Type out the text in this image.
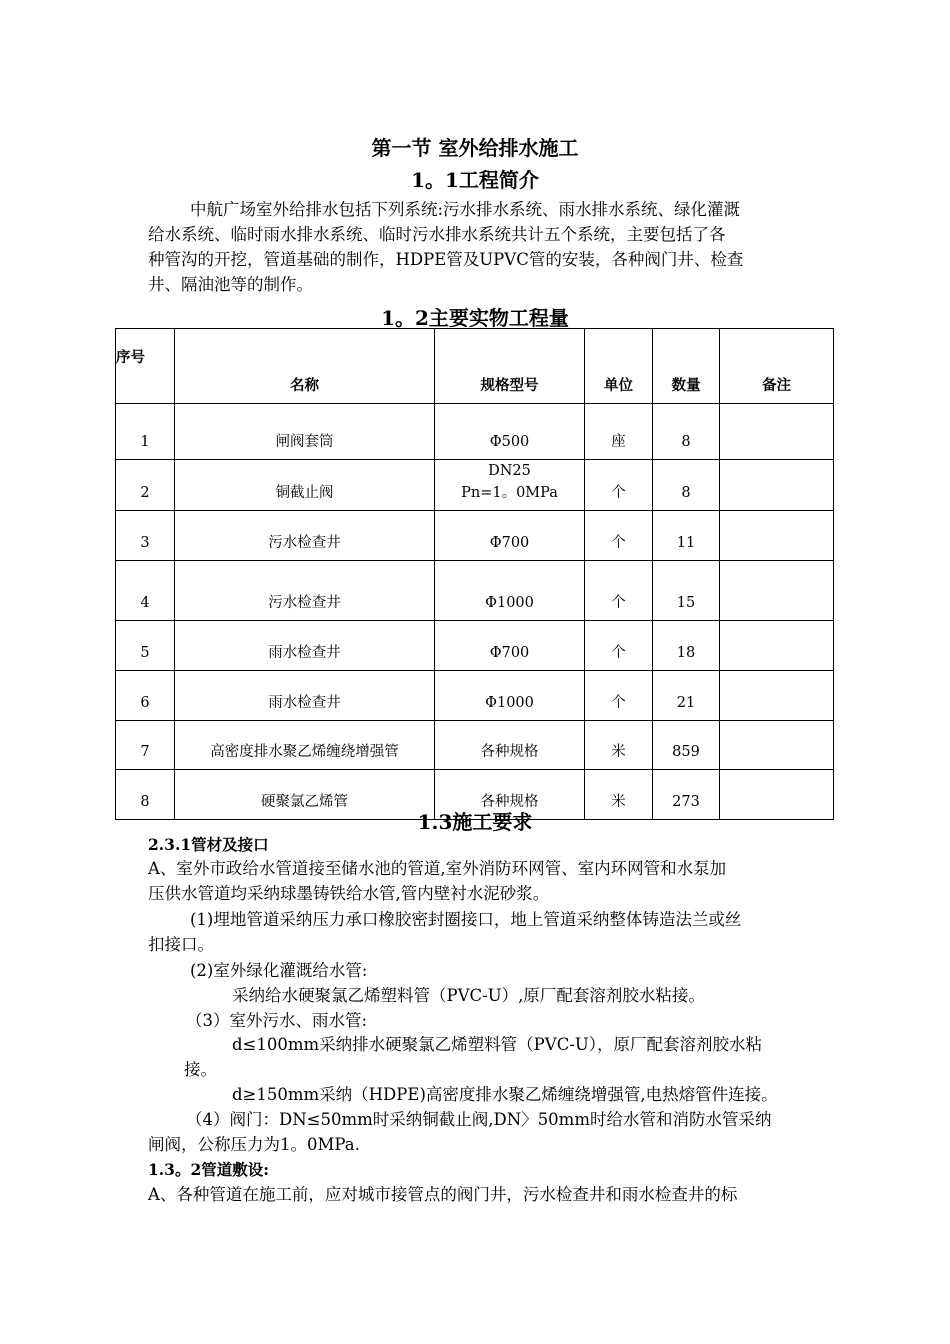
第一节 室外给排水施工
1。1工程简介
中航广场室外给排水包括下列系统:污水排水系统、雨水排水系统、绿化灌溉
给水系统、临时雨水排水系统、临时污水排水系统共计五个系统，主要包括了各
种管沟的开挖，管道基础的制作，HDPE管及UPVC管的安装，各种阀门井、检查
井、隔油池等的制作。
1。2主要实物工程量
序号	名称	规格型号	单位	数量	备注
1	闸阀套筒	Φ500	座	8	
2	铜截止阀	DN25
Pn=1。0MPa	个	8	
3	污水检查井	Φ700	个	11	
4	污水检查井	Φ1000	个	15	
5	雨水检查井	Φ700	个	18	
6	雨水检查井	Φ1000	个	21	
7	高密度排水聚乙烯缠绕增强管	各种规格	米	859	
8	硬聚氯乙烯管	各种规格	米	273	
1.3施工要求
2.3.1管材及接口
A、室外市政给水管道接至储水池的管道,室外消防环网管、室内环网管和水泵加
压供水管道均采纳球墨铸铁给水管,管内壁衬水泥砂浆。
(1)埋地管道采纳压力承口橡胶密封圈接口，地上管道采纳整体铸造法兰或丝
扣接口。
(2)室外绿化灌溉给水管:
采纳给水硬聚氯乙烯塑料管（PVC-U）,原厂配套溶剂胶水粘接。
（3）室外污水、雨水管:
d≤100mm采纳排水硬聚氯乙烯塑料管（PVC-U），原厂配套溶剂胶水粘
接。
d≥150mm采纳（HDPE)高密度排水聚乙烯缠绕增强管,电热熔管件连接。
（4）阀门：DN≤50mm时采纳铜截止阀,DN〉50mm时给水管和消防水管采纳
闸阀，公称压力为1。0MPa.
1.3。2管道敷设:
A、各种管道在施工前，应对城市接管点的阀门井，污水检查井和雨水检查井的标
